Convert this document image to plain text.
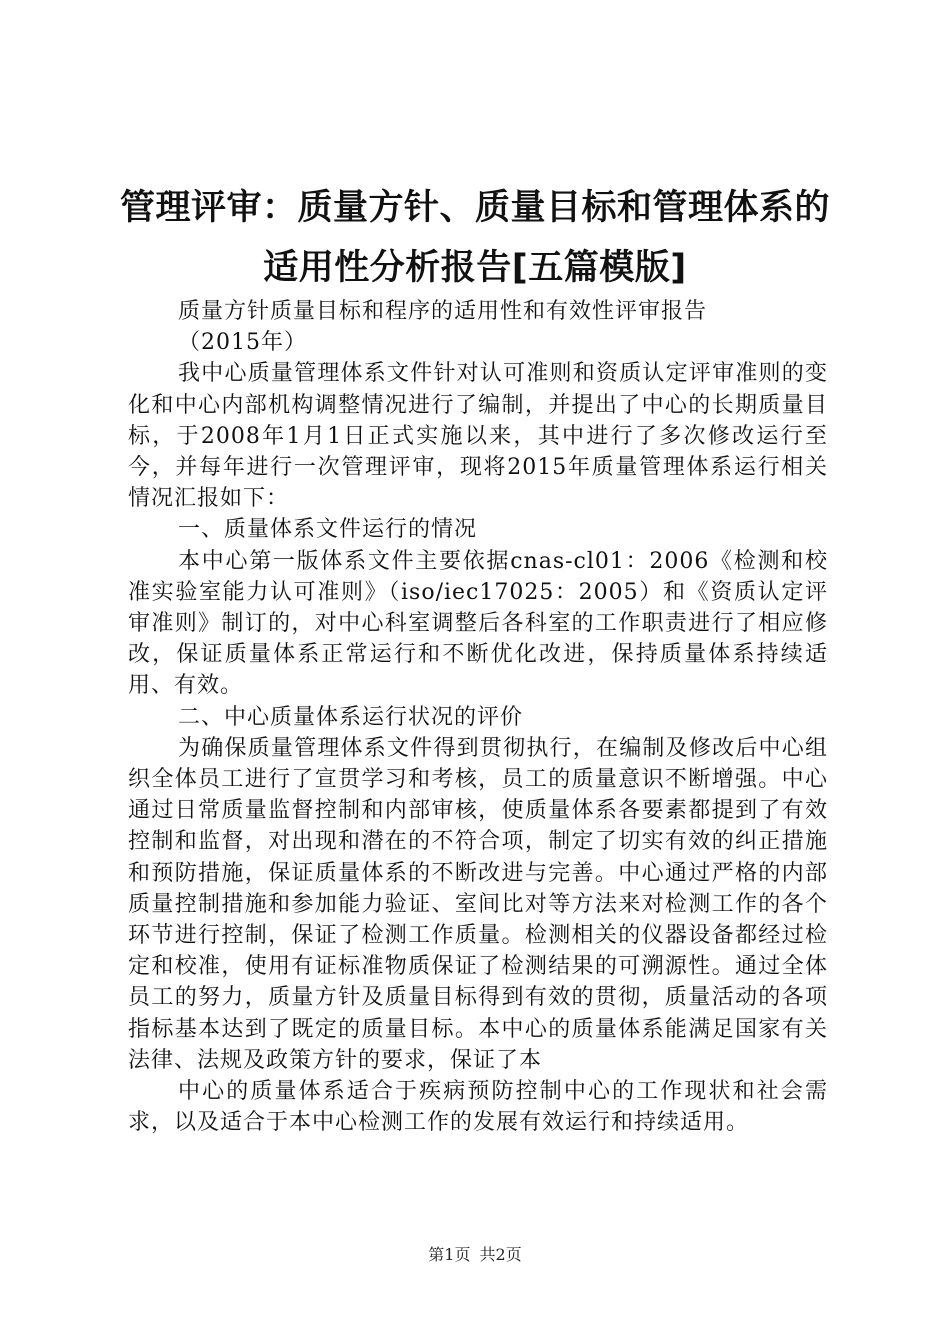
管理评审：质量方针、质量目标和管理体系的
适用性分析报告[五篇模版]

质量方针质量目标和程序的适用性和有效性评审报告

（2015年）

我中心质量管理体系文件针对认可准则和资质认定评审准则的变化和中心内部机构调整情况进行了编制，并提出了中心的长期质量目标，于2008年1月1日正式实施以来，其中进行了多次修改运行至今，并每年进行一次管理评审，现将2015年质量管理体系运行相关情况汇报如下：

一、质量体系文件运行的情况

本中心第一版体系文件主要依据cnas-cl01：2006《检测和校准实验室能力认可准则》（iso/iec17025：2005）和《资质认定评审准则》制订的，对中心科室调整后各科室的工作职责进行了相应修改，保证质量体系正常运行和不断优化改进，保持质量体系持续适用、有效。

二、中心质量体系运行状况的评价

为确保质量管理体系文件得到贯彻执行，在编制及修改后中心组织全体员工进行了宣贯学习和考核，员工的质量意识不断增强。中心通过日常质量监督控制和内部审核，使质量体系各要素都提到了有效控制和监督，对出现和潜在的不符合项，制定了切实有效的纠正措施和预防措施，保证质量体系的不断改进与完善。中心通过严格的内部质量控制措施和参加能力验证、室间比对等方法来对检测工作的各个环节进行控制，保证了检测工作质量。检测相关的仪器设备都经过检定和校准，使用有证标准物质保证了检测结果的可溯源性。通过全体员工的努力，质量方针及质量目标得到有效的贯彻，质量活动的各项指标基本达到了既定的质量目标。本中心的质量体系能满足国家有关法律、法规及政策方针的要求，保证了本

中心的质量体系适合于疾病预防控制中心的工作现状和社会需求，以及适合于本中心检测工作的发展有效运行和持续适用。

第1页 共2页
